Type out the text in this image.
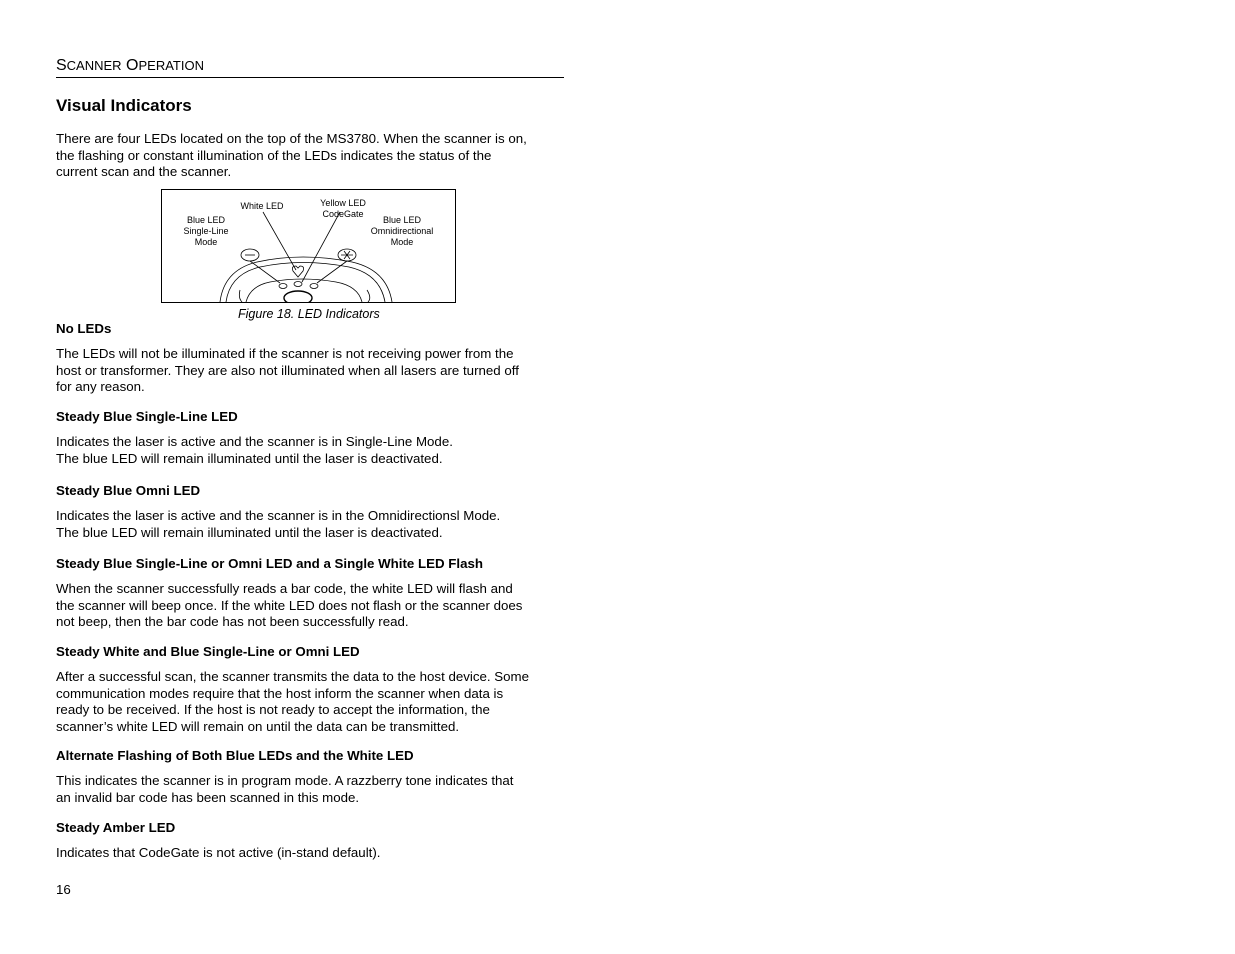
SCANNER OPERATION
Visual Indicators

There are four LEDs located on the top of the MS3780. When the scanner is on,
the flashing or constant illumination of the LEDs indicates the status of the
current scan and the scanner.

Blue LED
Single-Line
Mode
White LED	Yellow LED
CodeGate
Blue LED
Omnidirectional
Mode
Figure 18. LED Indicators
No LEDs

The LEDs will not be illuminated if the scanner is not receiving power from the
host or transformer. They are also not illuminated when all lasers are turned off
for any reason.

Steady Blue Single-Line LED

Indicates the laser is active and the scanner is in Single-Line Mode.
The blue LED will remain illuminated until the laser is deactivated.

Steady Blue Omni LED

Indicates the laser is active and the scanner is in the Omnidirectionsl Mode.
The blue LED will remain illuminated until the laser is deactivated.

Steady Blue Single-Line or Omni LED and a Single White LED Flash

When the scanner successfully reads a bar code, the white LED will flash and
the scanner will beep once. If the white LED does not flash or the scanner does
not beep, then the bar code has not been successfully read.

Steady White and Blue Single-Line or Omni LED

After a successful scan, the scanner transmits the data to the host device. Some
communication modes require that the host inform the scanner when data is
ready to be received. If the host is not ready to accept the information, the
scanner’s white LED will remain on until the data can be transmitted.

Alternate Flashing of Both Blue LEDs and the White LED

This indicates the scanner is in program mode. A razzberry tone indicates that
an invalid bar code has been scanned in this mode.

Steady Amber LED

Indicates that CodeGate is not active (in-stand default).

16
